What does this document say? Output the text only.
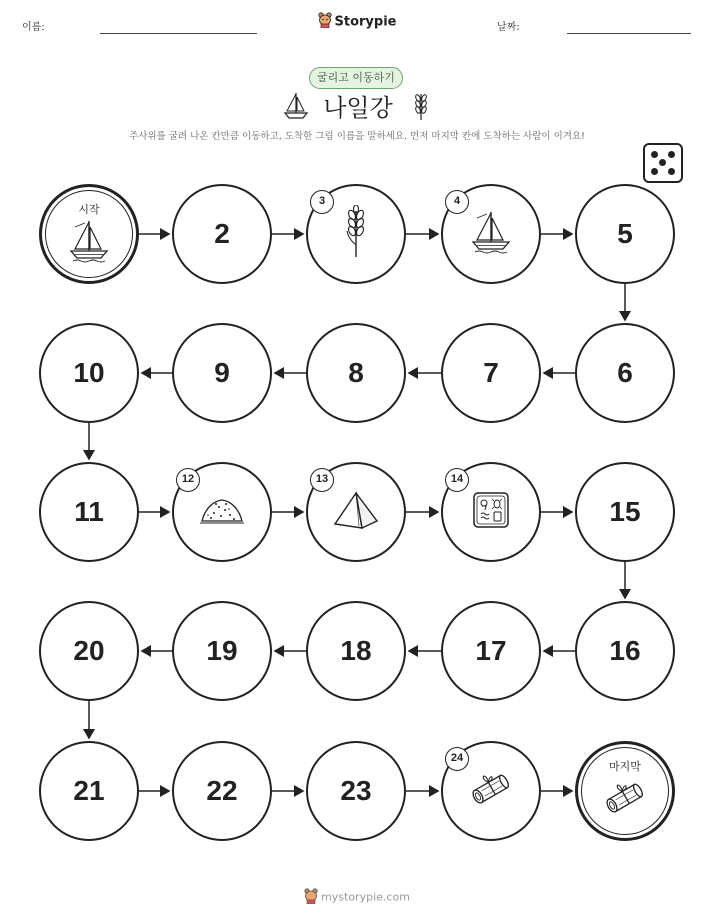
이름:	Storypie	날짜:
굴리고 이동하기
나일강
주사위를 굴려 나온 칸만큼 이동하고, 도착한 그림 이름을 말하세요. 먼저 마지막 칸에 도착하는 사람이 이겨요!
시작
2
3	4
5
6
7
8
9
10
11
12	13	14
15
16
17
18
19
20
21	22	23
24
마지막
mystorypie.com
